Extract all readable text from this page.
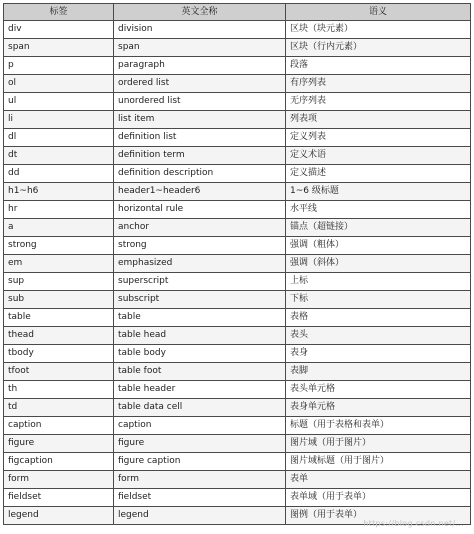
标签	英文全称	语义
div	division	区块（块元素）
span	span	区块（行内元素）
p	paragraph	段落
ol	ordered list	有序列表
ul	unordered list	无序列表
li	list item	列表项
dl	definition list	定义列表
dt	definition term	定义术语
dd	definition description	定义描述
h1~h6	header1~header6	1~6 级标题
hr	horizontal rule	水平线
a	anchor	锚点（超链接）
strong	strong	强调（粗体）
em	emphasized	强调（斜体）
sup	superscript	上标
sub	subscript	下标
table	table	表格
thead	table head	表头
tbody	table body	表身
tfoot	table foot	表脚
th	table header	表头单元格
td	table data cell	表身单元格
caption	caption	标题（用于表格和表单）
figure	figure	图片域（用于图片）
figcaption	figure caption	图片域标题（用于图片）
form	form	表单
fieldset	fieldset	表单域（用于表单）
legend	legend	图例（用于表单）
https://blog.csdn.net/...
